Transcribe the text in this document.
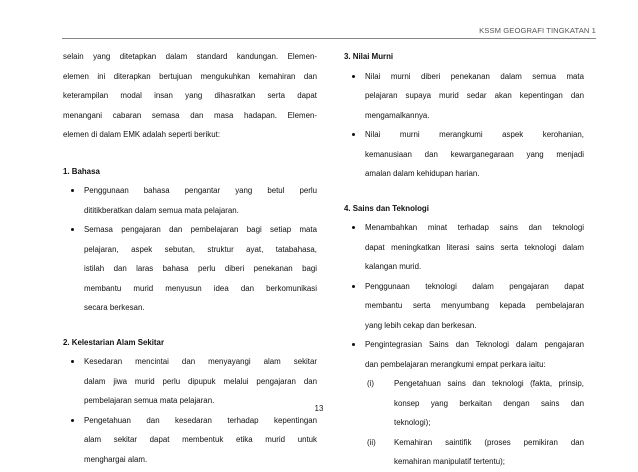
KSSM GEOGRAFI TINGKATAN 1
selain yang ditetapkan dalam standard kandungan. Elemen-
elemen ini diterapkan bertujuan mengukuhkan kemahiran dan
keterampilan modal insan yang dihasratkan serta dapat
menangani cabaran semasa dan masa hadapan. Elemen-
elemen di dalam EMK adalah seperti berikut:

1. Bahasa

Penggunaan bahasa pengantar yang betul perlu
dititikberatkan dalam semua mata pelajaran.
Semasa pengajaran dan pembelajaran bagi setiap mata
pelajaran, aspek sebutan, struktur ayat, tatabahasa,
istilah dan laras bahasa perlu diberi penekanan bagi
membantu murid menyusun idea dan berkomunikasi
secara berkesan.

2. Kelestarian Alam Sekitar

Kesedaran mencintai dan menyayangi alam sekitar
dalam jiwa murid perlu dipupuk melalui pengajaran dan
pembelajaran semua mata pelajaran.
Pengetahuan dan kesedaran terhadap kepentingan
alam sekitar dapat membentuk etika murid untuk
menghargai alam.

3. Nilai Murni

Nilai murni diberi penekanan dalam semua mata
pelajaran supaya murid sedar akan kepentingan dan
mengamalkannya.
Nilai murni merangkumi aspek kerohanian,
kemanusiaan dan kewarganegaraan yang menjadi
amalan dalam kehidupan harian.

4. Sains dan Teknologi

Menambahkan minat terhadap sains dan teknologi
dapat meningkatkan literasi sains serta teknologi dalam
kalangan murid.
Penggunaan teknologi dalam pengajaran dapat
membantu serta menyumbang kepada pembelajaran
yang lebih cekap dan berkesan.
Pengintegrasian Sains dan Teknologi dalam pengajaran
dan pembelajaran merangkumi empat perkara iaitu:
(i)	Pengetahuan sains dan teknologi (fakta, prinsip,
konsep yang berkaitan dengan sains dan
teknologi);
(ii) Kemahiran saintifik (proses pemikiran dan
kemahiran manipulatif tertentu);
13
